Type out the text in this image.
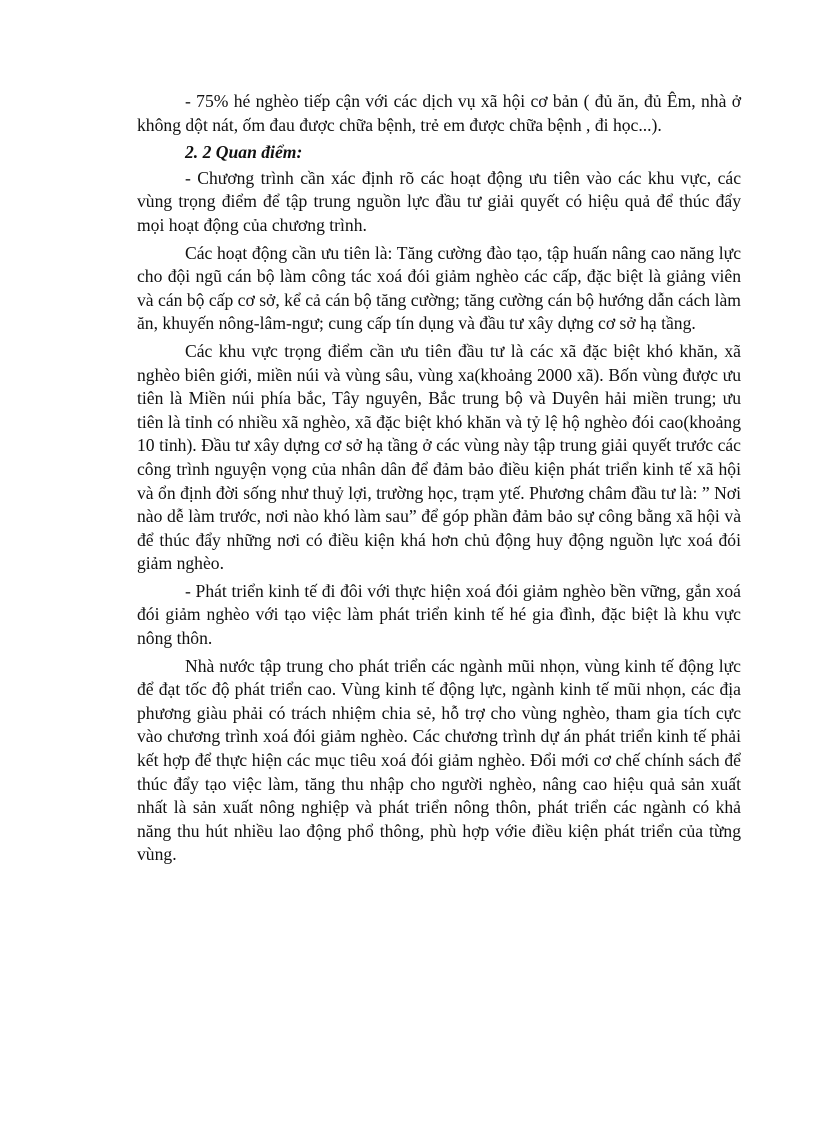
- 75% hé nghèo tiếp cận với các dịch vụ xã hội cơ bản ( đủ ăn, đủ Êm, nhà ở không dột nát, ốm đau được chữa bệnh, trẻ em được chữa bệnh , đi học...).

2. 2 Quan điểm:

- Chương trình cần xác định rõ các hoạt động ưu tiên vào các khu vực, các vùng trọng điểm để tập trung nguồn lực đầu tư giải quyết có hiệu quả để thúc đẩy mọi hoạt động của chương trình.

Các hoạt động cần ưu tiên là: Tăng cường đào tạo, tập huấn nâng cao năng lực cho đội ngũ cán bộ làm công tác xoá đói giảm nghèo các cấp, đặc biệt là giảng viên và cán bộ cấp cơ sở, kể cả cán bộ tăng cường; tăng cường cán bộ hướng dẫn cách làm ăn, khuyến nông-lâm-ngư; cung cấp tín dụng và đầu tư xây dựng cơ sở hạ tầng.

Các khu vực trọng điểm cần ưu tiên đầu tư là các xã đặc biệt khó khăn, xã nghèo biên giới, miền núi và vùng sâu, vùng xa(khoảng 2000 xã). Bốn vùng được ưu tiên là Miền núi phía bắc, Tây nguyên, Bắc trung bộ và Duyên hải miền trung; ưu tiên là tỉnh có nhiều xã nghèo, xã đặc biệt khó khăn và tỷ lệ hộ nghèo đói cao(khoảng 10 tỉnh). Đầu tư xây dựng cơ sở hạ tầng ở các vùng này tập trung giải quyết trước các công trình nguyện vọng của nhân dân để đảm bảo điều kiện phát triển kinh tế xã hội và ổn định đời sống như thuỷ lợi, trường học, trạm ytế. Phương châm đầu tư là: ” Nơi nào dễ làm trước, nơi nào khó làm sau” để góp phần đảm bảo sự công bằng xã hội và để thúc đẩy những nơi có điều kiện khá hơn chủ động huy động nguồn lực xoá đói giảm nghèo.

- Phát triển kinh tế đi đôi với thực hiện xoá đói giảm nghèo bền vững, gắn xoá đói giảm nghèo với tạo việc làm phát triển kinh tế hé gia đình, đặc biệt là khu vực nông thôn.

Nhà nước tập trung cho phát triển các ngành mũi nhọn, vùng kinh tế động lực để đạt tốc độ phát triển cao. Vùng kinh tế động lực, ngành kinh tế mũi nhọn, các địa phương giàu phải có trách nhiệm chia sẻ, hỗ trợ cho vùng nghèo, tham gia tích cực vào chương trình xoá đói giảm nghèo. Các chương trình dự án phát triển kinh tế phải kết hợp để thực hiện các mục tiêu xoá đói giảm nghèo. Đổi mới cơ chế chính sách để thúc đẩy tạo việc làm, tăng thu nhập cho người nghèo, nâng cao hiệu quả sản xuất nhất là sản xuất nông nghiệp và phát triển nông thôn, phát triển các ngành có khả năng thu hút nhiều lao động phổ thông, phù hợp vớie điều kiện phát triển của từng vùng.
